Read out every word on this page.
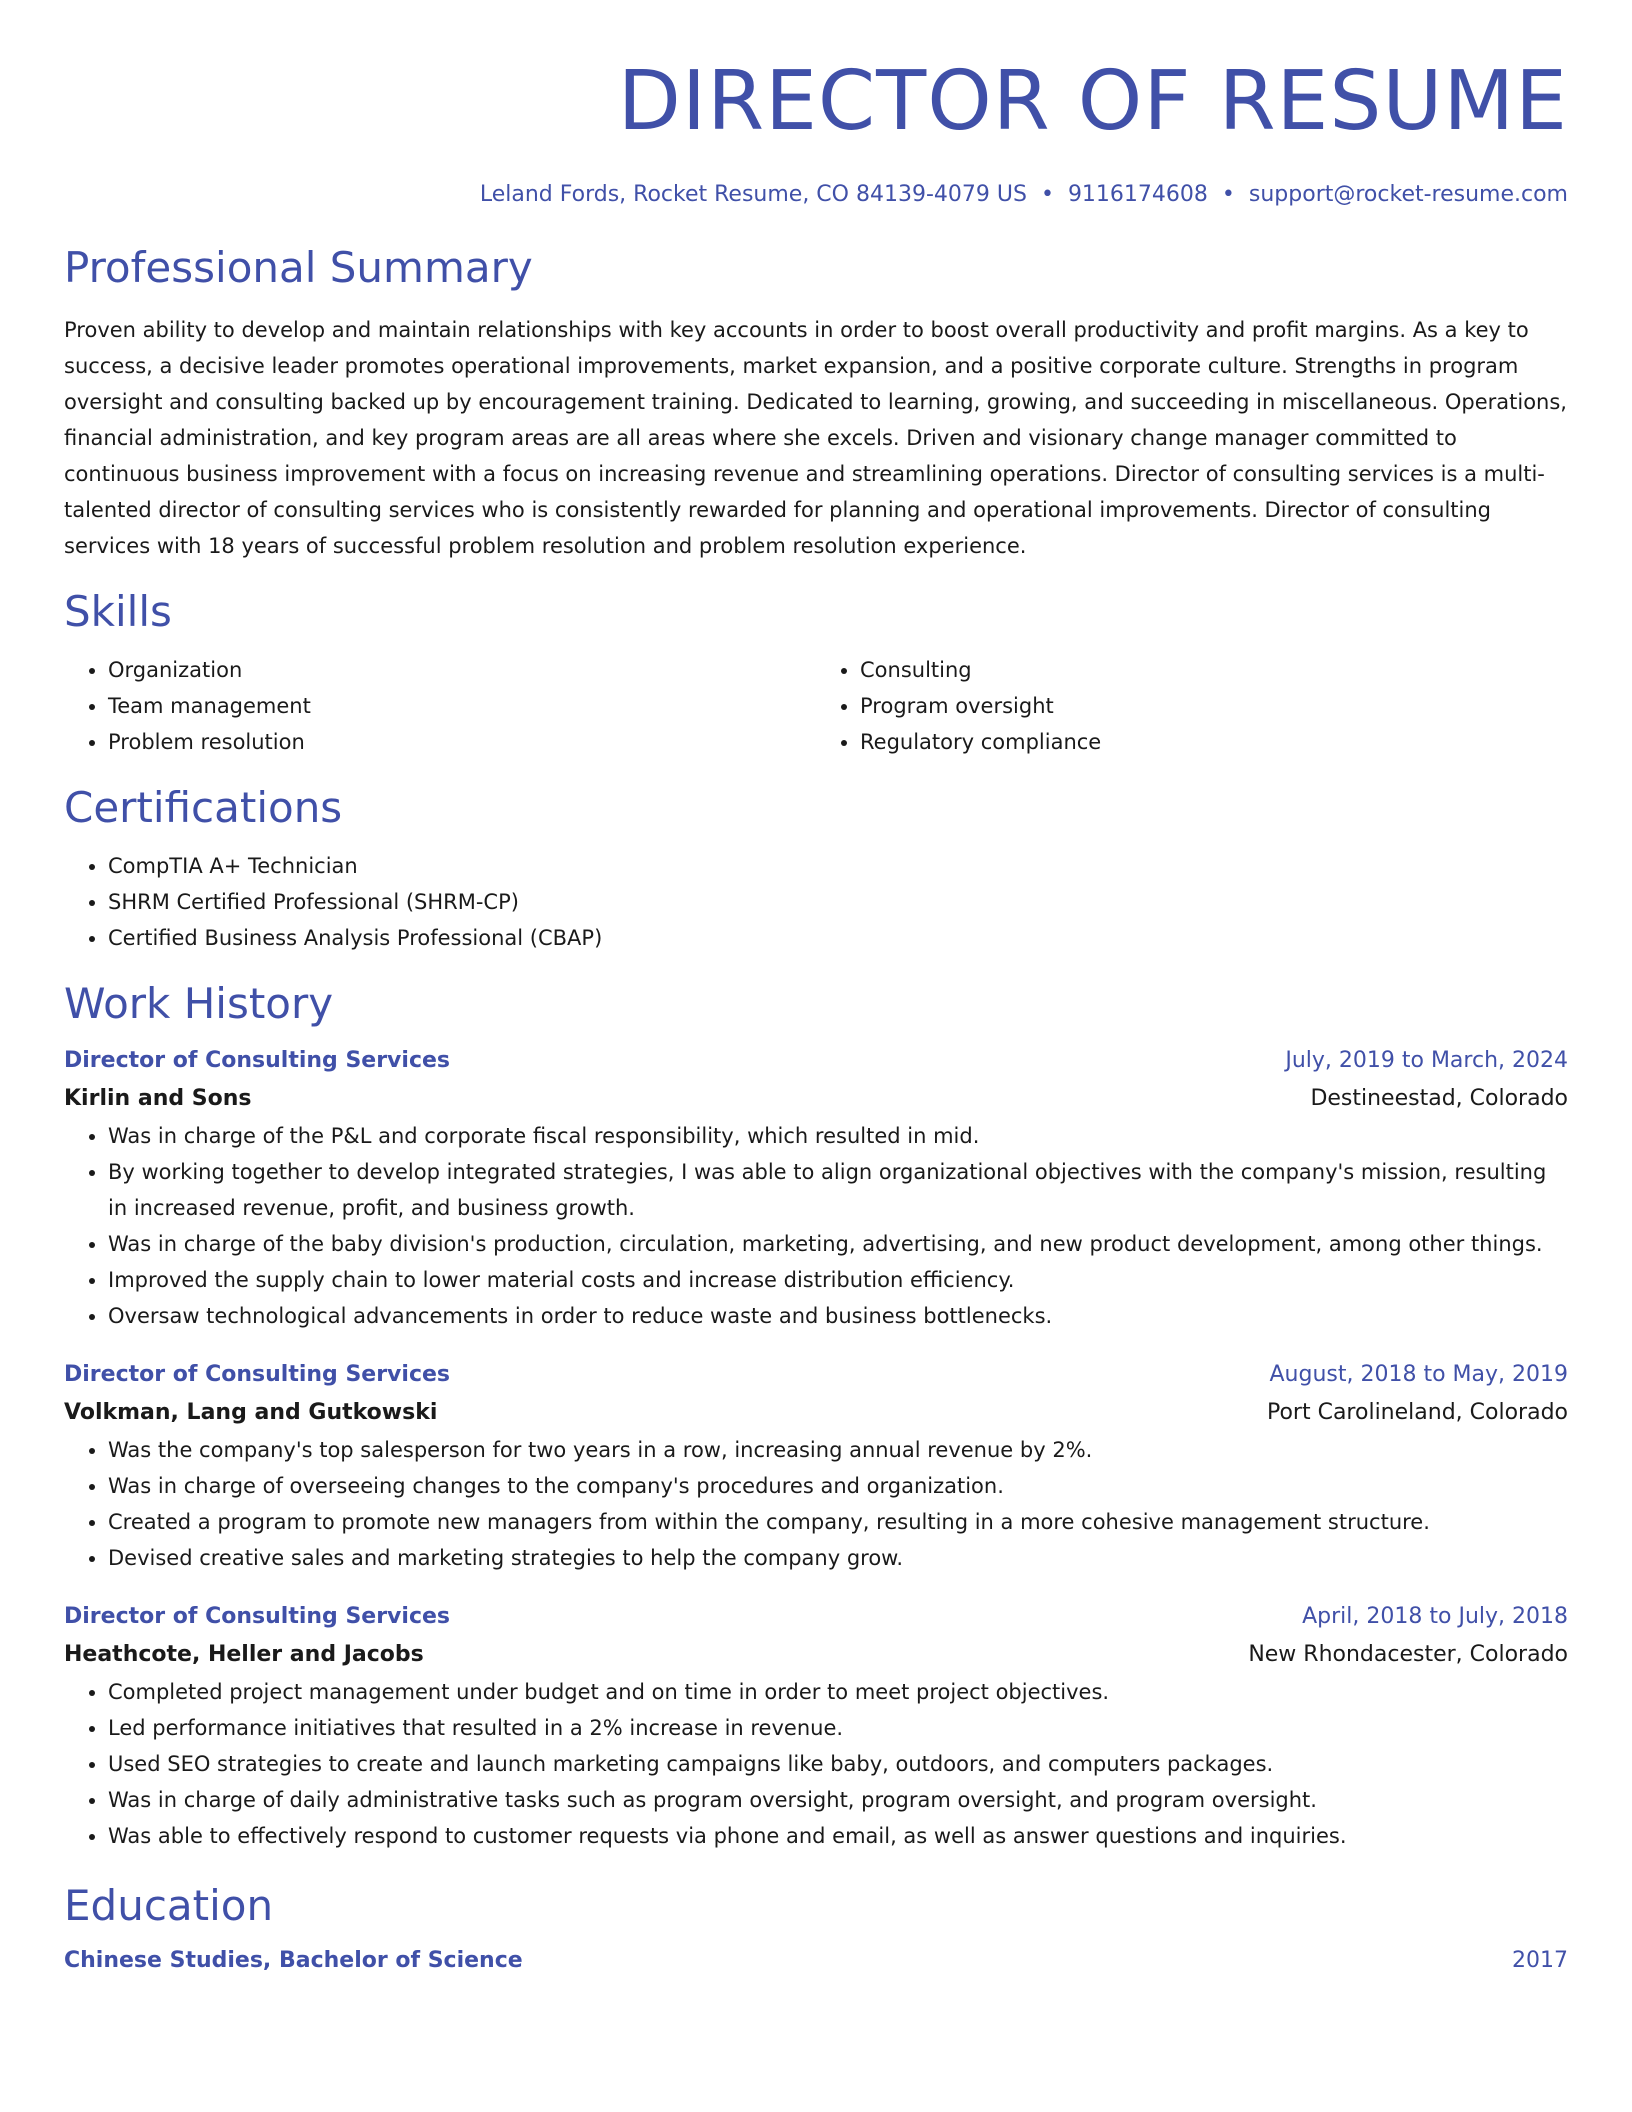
DIRECTOR OF RESUME
Leland Fords, Rocket Resume, CO 84139-4079 US • 9116174608 • support@rocket-resume.com
Professional Summary

Proven ability to develop and maintain relationships with key accounts in order to boost overall productivity and profit margins. As a key to success, a decisive leader promotes operational improvements, market expansion, and a positive corporate culture. Strengths in program oversight and consulting backed up by encouragement training. Dedicated to learning, growing, and succeeding in miscellaneous. Operations, financial administration, and key program areas are all areas where she excels. Driven and visionary change manager committed to continuous business improvement with a focus on increasing revenue and streamlining operations. Director of consulting services is a multi-talented director of consulting services who is consistently rewarded for planning and operational improvements. Director of consulting services with 18 years of successful problem resolution and problem resolution experience.

Skills
• Organization
• Team management
• Problem resolution
• Consulting
• Program oversight
• Regulatory compliance
Certifications
• CompTIA A+ Technician
• SHRM Certified Professional (SHRM-CP)
• Certified Business Analysis Professional (CBAP)
Work History
Director of Consulting Services	July, 2019 to March, 2024
Kirlin and Sons	Destineestad, Colorado
• Was in charge of the P&L and corporate fiscal responsibility, which resulted in mid.
• By working together to develop integrated strategies, I was able to align organizational objectives with the company's mission, resulting in increased revenue, profit, and business growth.
• Was in charge of the baby division's production, circulation, marketing, advertising, and new product development, among other things.
• Improved the supply chain to lower material costs and increase distribution efficiency.
• Oversaw technological advancements in order to reduce waste and business bottlenecks.
Director of Consulting Services	August, 2018 to May, 2019
Volkman, Lang and Gutkowski	Port Carolineland, Colorado
• Was the company's top salesperson for two years in a row, increasing annual revenue by 2%.
• Was in charge of overseeing changes to the company's procedures and organization.
• Created a program to promote new managers from within the company, resulting in a more cohesive management structure.
• Devised creative sales and marketing strategies to help the company grow.
Director of Consulting Services	April, 2018 to July, 2018
Heathcote, Heller and Jacobs	New Rhondacester, Colorado
• Completed project management under budget and on time in order to meet project objectives.
• Led performance initiatives that resulted in a 2% increase in revenue.
• Used SEO strategies to create and launch marketing campaigns like baby, outdoors, and computers packages.
• Was in charge of daily administrative tasks such as program oversight, program oversight, and program oversight.
• Was able to effectively respond to customer requests via phone and email, as well as answer questions and inquiries.
Education
Chinese Studies, Bachelor of Science	2017
